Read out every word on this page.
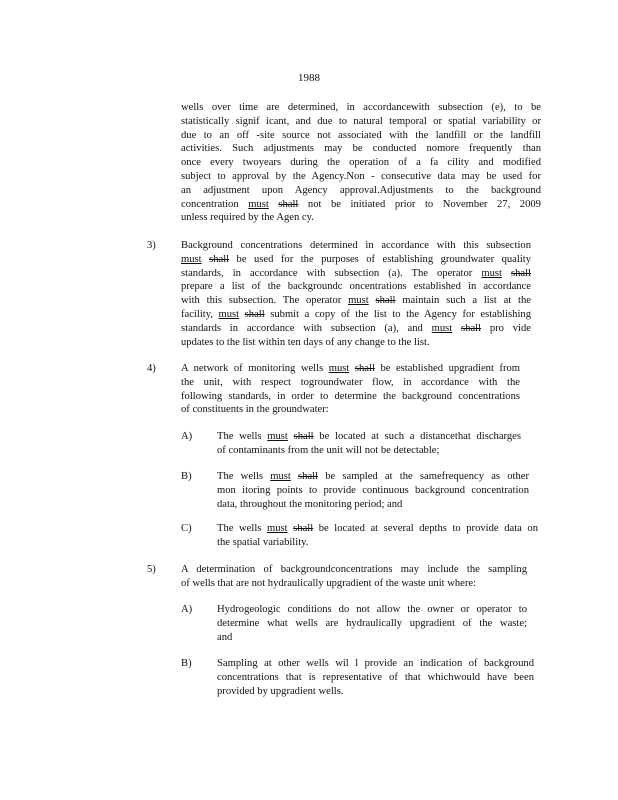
1988
wells over time are determined, in accordancewith subsection (e), to be
statistically signif icant, and due to natural temporal or spatial variability or
due to an off -site source not associated with the landfill or the landfill
activities. Such adjustments may be conducted nomore frequently than
once every twoyears during the operation of a fa cility and modified
subject to approval by the Agency.Non - consecutive data may be used for
an adjustment upon Agency approval.Adjustments to the background
concentration must shall not be initiated prior to November 27, 2009
unless required by the Agen cy.
3) Background concentrations determined in accordance with this subsection
must shall be used for the purposes of establishing groundwater quality
standards, in accordance with subsection (a). The operator must shall
prepare a list of the backgroundc oncentrations established in accordance
with this subsection. The operator must shall maintain such a list at the
facility, must shall submit a copy of the list to the Agency for establishing
standards in accordance with subsection (a), and must shall pro vide
updates to the list within ten days of any change to the list.
4) A network of monitoring wells must shall be established upgradient from
the unit, with respect togroundwater flow, in accordance with the
following standards, in order to determine the background concentrations
of constituents in the groundwater:
A) The wells must shall be located at such a distancethat discharges
of contaminants from the unit will not be detectable;
B) The wells must shall be sampled at the samefrequency as other
mon itoring points to provide continuous background concentration
data, throughout the monitoring period; and
C) The wells must shall be located at several depths to provide data on
the spatial variability.
5) A determination of backgroundconcentrations may include the sampling
of wells that are not hydraulically upgradient of the waste unit where:
A) Hydrogeologic conditions do not allow the owner or operator to
determine what wells are hydraulically upgradient of the waste;
and
B) Sampling at other wells wil l provide an indication of background
concentrations that is representative of that whichwould have been
provided by upgradient wells.
